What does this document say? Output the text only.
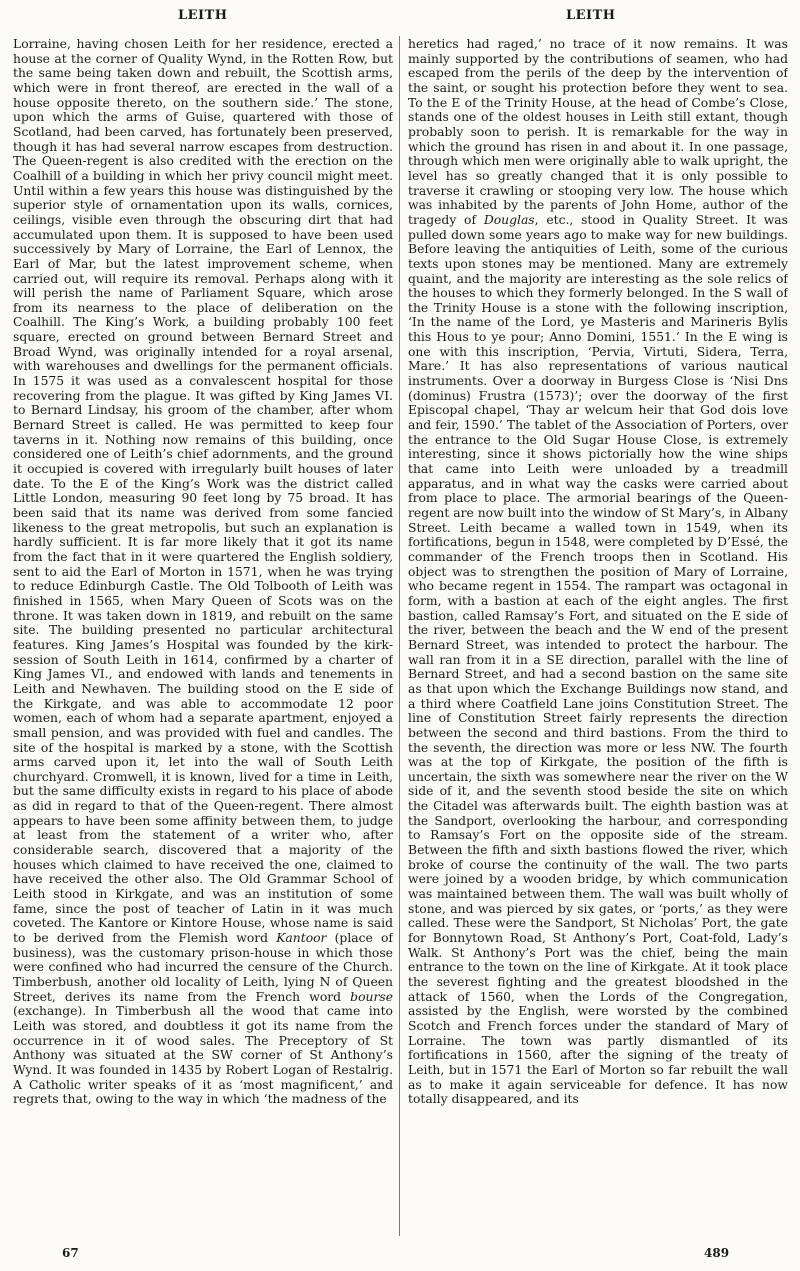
LEITH	LEITH

Lorraine, having chosen Leith for her residence, erected a house at the corner of Quality Wynd, in the Rotten Row, but the same being taken down and rebuilt, the Scottish arms, which were in front thereof, are erected in the wall of a house opposite thereto, on the southern side.’ The stone, upon which the arms of Guise, quartered with those of Scotland, had been carved, has fortunately been preserved, though it has had several narrow escapes from destruction. The Queen-regent is also credited with the erection on the Coalhill of a building in which her privy council might meet. Until within a few years this house was distinguished by the superior style of ornamentation upon its walls, cornices, ceilings, visible even through the obscuring dirt that had accumulated upon them. It is supposed to have been used successively by Mary of Lorraine, the Earl of Lennox, the Earl of Mar, but the latest improvement scheme, when carried out, will require its removal. Perhaps along with it will perish the name of Parliament Square, which arose from its nearness to the place of deliberation on the Coalhill. The King’s Work, a building probably 100 feet square, erected on ground between Bernard Street and Broad Wynd, was originally intended for a royal arsenal, with warehouses and dwellings for the permanent officials. In 1575 it was used as a convalescent hospital for those recovering from the plague. It was gifted by King James VI. to Bernard Lindsay, his groom of the chamber, after whom Bernard Street is called. He was permitted to keep four taverns in it. Nothing now remains of this building, once considered one of Leith’s chief adornments, and the ground it occupied is covered with irregularly built houses of later date. To the E of the King’s Work was the district called Little London, measuring 90 feet long by 75 broad. It has been said that its name was derived from some fancied likeness to the great metropolis, but such an explanation is hardly sufficient. It is far more likely that it got its name from the fact that in it were quartered the English soldiery, sent to aid the Earl of Morton in 1571, when he was trying to reduce Edinburgh Castle. The Old Tolbooth of Leith was finished in 1565, when Mary Queen of Scots was on the throne. It was taken down in 1819, and rebuilt on the same site. The building presented no particular architectural features. King James’s Hospital was founded by the kirk-session of South Leith in 1614, confirmed by a charter of King James VI., and endowed with lands and tenements in Leith and Newhaven. The building stood on the E side of the Kirkgate, and was able to accommodate 12 poor women, each of whom had a separate apartment, enjoyed a small pension, and was provided with fuel and candles. The site of the hospital is marked by a stone, with the Scottish arms carved upon it, let into the wall of South Leith churchyard. Cromwell, it is known, lived for a time in Leith, but the same difficulty exists in regard to his place of abode as did in regard to that of the Queen-regent. There almost appears to have been some affinity between them, to judge at least from the statement of a writer who, after considerable search, discovered that a majority of the houses which claimed to have received the one, claimed to have received the other also. The Old Grammar School of Leith stood in Kirkgate, and was an institution of some fame, since the post of teacher of Latin in it was much coveted. The Kantore or Kintore House, whose name is said to be derived from the Flemish word Kantoor (place of business), was the customary prison-house in which those were confined who had incurred the censure of the Church. Timberbush, another old locality of Leith, lying N of Queen Street, derives its name from the French word bourse (exchange). In Timberbush all the wood that came into Leith was stored, and doubtless it got its name from the occurrence in it of wood sales. The Preceptory of St Anthony was situated at the SW corner of St Anthony’s Wynd. It was founded in 1435 by Robert Logan of Restalrig. A Catholic writer speaks of it as ‘most magnificent,’ and regrets that, owing to the way in which ‘the madness of the

heretics had raged,’ no trace of it now remains. It was mainly supported by the contributions of seamen, who had escaped from the perils of the deep by the intervention of the saint, or sought his protection before they went to sea. To the E of the Trinity House, at the head of Combe’s Close, stands one of the oldest houses in Leith still extant, though probably soon to perish. It is remarkable for the way in which the ground has risen in and about it. In one passage, through which men were originally able to walk upright, the level has so greatly changed that it is only possible to traverse it crawling or stooping very low. The house which was inhabited by the parents of John Home, author of the tragedy of Douglas, etc., stood in Quality Street. It was pulled down some years ago to make way for new buildings. Before leaving the antiquities of Leith, some of the curious texts upon stones may be mentioned. Many are extremely quaint, and the majority are interesting as the sole relics of the houses to which they formerly belonged. In the S wall of the Trinity House is a stone with the following inscription, ‘In the name of the Lord, ye Masteris and Marineris Bylis this Hous to ye pour; Anno Domini, 1551.’ In the E wing is one with this inscription, ‘Pervia, Virtuti, Sidera, Terra, Mare.’ It has also representations of various nautical instruments. Over a doorway in Burgess Close is ‘Nisi Dns (dominus) Frustra (1573)’; over the doorway of the first Episcopal chapel, ‘Thay ar welcum heir that God dois love and feir, 1590.’ The tablet of the Association of Porters, over the entrance to the Old Sugar House Close, is extremely interesting, since it shows pictorially how the wine ships that came into Leith were unloaded by a treadmill apparatus, and in what way the casks were carried about from place to place. The armorial bearings of the Queen-regent are now built into the window of St Mary’s, in Albany Street. Leith became a walled town in 1549, when its fortifications, begun in 1548, were completed by D’Essé, the commander of the French troops then in Scotland. His object was to strengthen the position of Mary of Lorraine, who became regent in 1554. The rampart was octagonal in form, with a bastion at each of the eight angles. The first bastion, called Ramsay’s Fort, and situated on the E side of the river, between the beach and the W end of the present Bernard Street, was intended to protect the harbour. The wall ran from it in a SE direction, parallel with the line of Bernard Street, and had a second bastion on the same site as that upon which the Exchange Buildings now stand, and a third where Coatfield Lane joins Constitution Street. The line of Constitution Street fairly represents the direction between the second and third bastions. From the third to the seventh, the direction was more or less NW. The fourth was at the top of Kirkgate, the position of the fifth is uncertain, the sixth was somewhere near the river on the W side of it, and the seventh stood beside the site on which the Citadel was afterwards built. The eighth bastion was at the Sandport, overlooking the harbour, and corresponding to Ramsay’s Fort on the opposite side of the stream. Between the fifth and sixth bastions flowed the river, which broke of course the continuity of the wall. The two parts were joined by a wooden bridge, by which communication was maintained between them. The wall was built wholly of stone, and was pierced by six gates, or ‘ports,’ as they were called. These were the Sandport, St Nicholas’ Port, the gate for Bonnytown Road, St Anthony’s Port, Coat-fold, Lady’s Walk. St Anthony’s Port was the chief, being the main entrance to the town on the line of Kirkgate. At it took place the severest fighting and the greatest bloodshed in the attack of 1560, when the Lords of the Congregation, assisted by the English, were worsted by the combined Scotch and French forces under the standard of Mary of Lorraine. The town was partly dismantled of its fortifications in 1560, after the signing of the treaty of Leith, but in 1571 the Earl of Morton so far rebuilt the wall as to make it again serviceable for defence. It has now totally disappeared, and its

67	489
